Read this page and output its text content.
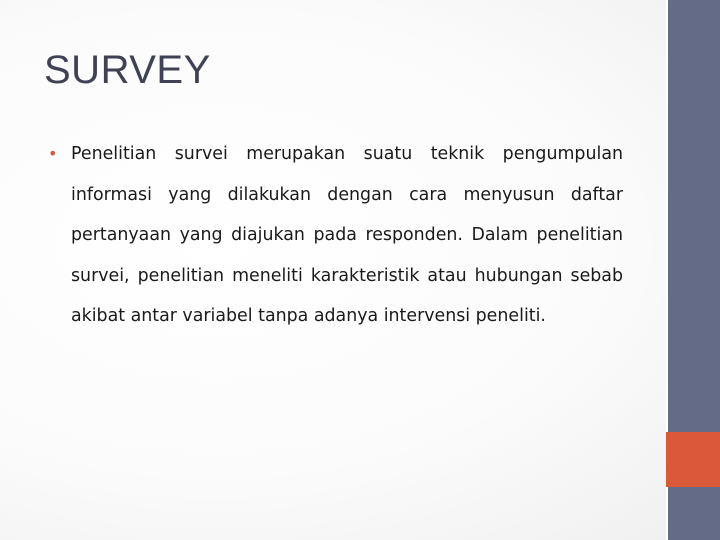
SURVEY
• Penelitian survei merupakan suatu teknik pengumpulan informasi yang dilakukan dengan cara menyusun daftar pertanyaan yang diajukan pada responden. Dalam penelitian survei, penelitian meneliti karakteristik atau hubungan sebab akibat antar variabel tanpa adanya intervensi peneliti.
